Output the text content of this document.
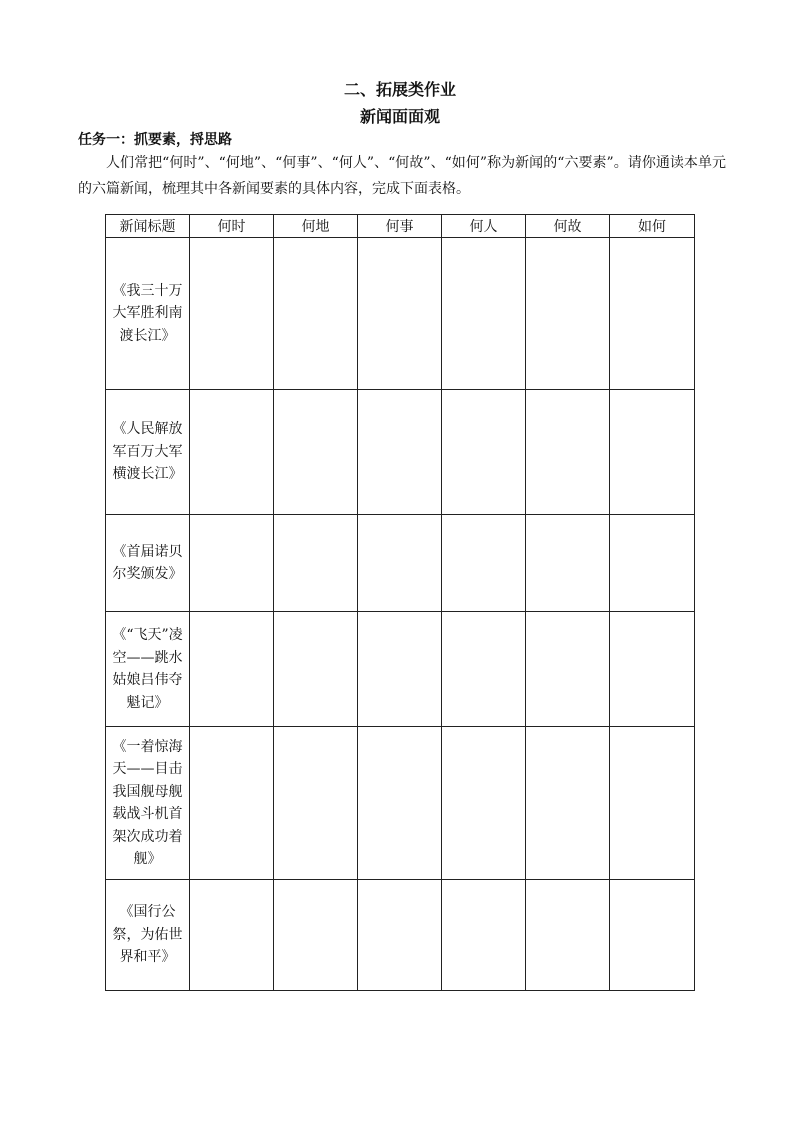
二、拓展类作业
新闻面面观
任务一：抓要素，捋思路

人们常把“何时”、“何地”、“何事”、“何人”、“何故”、“如何”称为新闻的“六要素”。请你通读本单元的六篇新闻，梳理其中各新闻要素的具体内容，完成下面表格。

新闻标题	何时	何地	何事	何人	何故	如何
《我三十万大军胜利南渡长江》						
《人民解放军百万大军横渡长江》						
《首届诺贝尔奖颁发》						
《“飞天”凌空——跳水姑娘吕伟夺魁记》						
《一着惊海天——目击我国舰母舰载战斗机首架次成功着舰》						
《国行公祭，为佑世界和平》						
